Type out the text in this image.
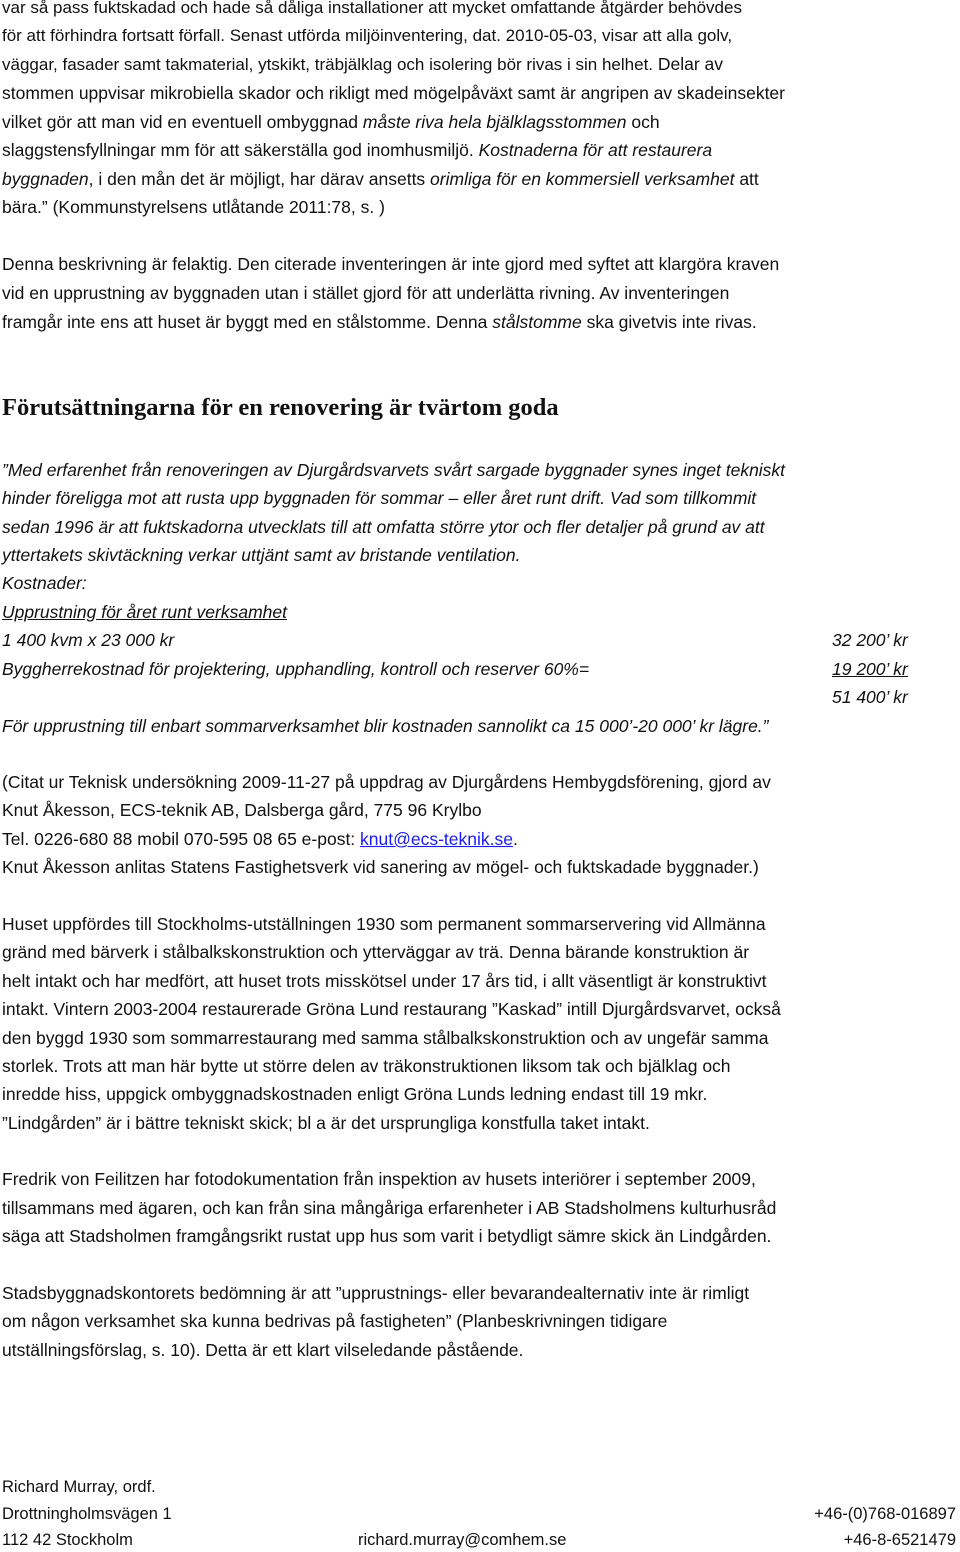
var så pass fuktskadad och hade så dåliga installationer att mycket omfattande åtgärder behövdes
för att förhindra fortsatt förfall. Senast utförda miljöinventering, dat. 2010-05-03, visar att alla golv,
väggar, fasader samt takmaterial, ytskikt, träbjälklag och isolering bör rivas i sin helhet. Delar av
stommen uppvisar mikrobiella skador och rikligt med mögelpåväxt samt är angripen av skadeinsekter
vilket gör att man vid en eventuell ombyggnad måste riva hela bjälklagsstommen och
slaggstensfyllningar mm för att säkerställa god inomhusmiljö. Kostnaderna för att restaurera
byggnaden, i den mån det är möjligt, har därav ansetts orimliga för en kommersiell verksamhet att
bära.” (Kommunstyrelsens utlåtande 2011:78, s. )
Denna beskrivning är felaktig. Den citerade inventeringen är inte gjord med syftet att klargöra kraven
vid en upprustning av byggnaden utan i stället gjord för att underlätta rivning. Av inventeringen
framgår inte ens att huset är byggt med en stålstomme. Denna stålstomme ska givetvis inte rivas.
Förutsättningarna för en renovering är tvärtom goda
”Med erfarenhet från renoveringen av Djurgårdsvarvets svårt sargade byggnader synes inget tekniskt
hinder föreligga mot att rusta upp byggnaden för sommar – eller året runt drift. Vad som tillkommit
sedan 1996 är att fuktskadorna utvecklats till att omfatta större ytor och fler detaljer på grund av att
yttertakets skivtäckning verkar uttjänt samt av bristande ventilation.
Kostnader:
Upprustning för året runt verksamhet
1 400 kvm x 23 000 kr	32 200’ kr
Byggherrekostnad för projektering, upphandling, kontroll och reserver 60%=	19 200’ kr
51 400’ kr
För upprustning till enbart sommarverksamhet blir kostnaden sannolikt ca 15 000’-20 000’ kr lägre.”
(Citat ur Teknisk undersökning 2009-11-27 på uppdrag av Djurgårdens Hembygdsförening, gjord av
Knut Åkesson, ECS-teknik AB, Dalsberga gård, 775 96 Krylbo
Tel. 0226-680 88 mobil 070-595 08 65 e-post: knut@ecs-teknik.se.
Knut Åkesson anlitas Statens Fastighetsverk vid sanering av mögel- och fuktskadade byggnader.)
Huset uppfördes till Stockholms-utställningen 1930 som permanent sommarservering vid Allmänna
gränd med bärverk i stålbalkskonstruktion och ytterväggar av trä. Denna bärande konstruktion är
helt intakt och har medfört, att huset trots misskötsel under 17 års tid, i allt väsentligt är konstruktivt
intakt. Vintern 2003-2004 restaurerade Gröna Lund restaurang ”Kaskad” intill Djurgårdsvarvet, också
den byggd 1930 som sommarrestaurang med samma stålbalkskonstruktion och av ungefär samma
storlek. Trots att man här bytte ut större delen av träkonstruktionen liksom tak och bjälklag och
inredde hiss, uppgick ombyggnadskostnaden enligt Gröna Lunds ledning endast till 19 mkr.
”Lindgården” är i bättre tekniskt skick; bl a är det ursprungliga konstfulla taket intakt.
Fredrik von Feilitzen har fotodokumentation från inspektion av husets interiörer i september 2009,
tillsammans med ägaren, och kan från sina mångåriga erfarenheter i AB Stadsholmens kulturhusråd
säga att Stadsholmen framgångsrikt rustat upp hus som varit i betydligt sämre skick än Lindgården.
Stadsbyggnadskontorets bedömning är att ”upprustnings- eller bevarandealternativ inte är rimligt
om någon verksamhet ska kunna bedrivas på fastigheten” (Planbeskrivningen tidigare
utställningsförslag, s. 10). Detta är ett klart vilseledande påstående.
Richard Murray, ordf.
Drottningholmsvägen 1	+46-(0)768-016897
112 42 Stockholm	richard.murray@comhem.se	+46-8-6521479
